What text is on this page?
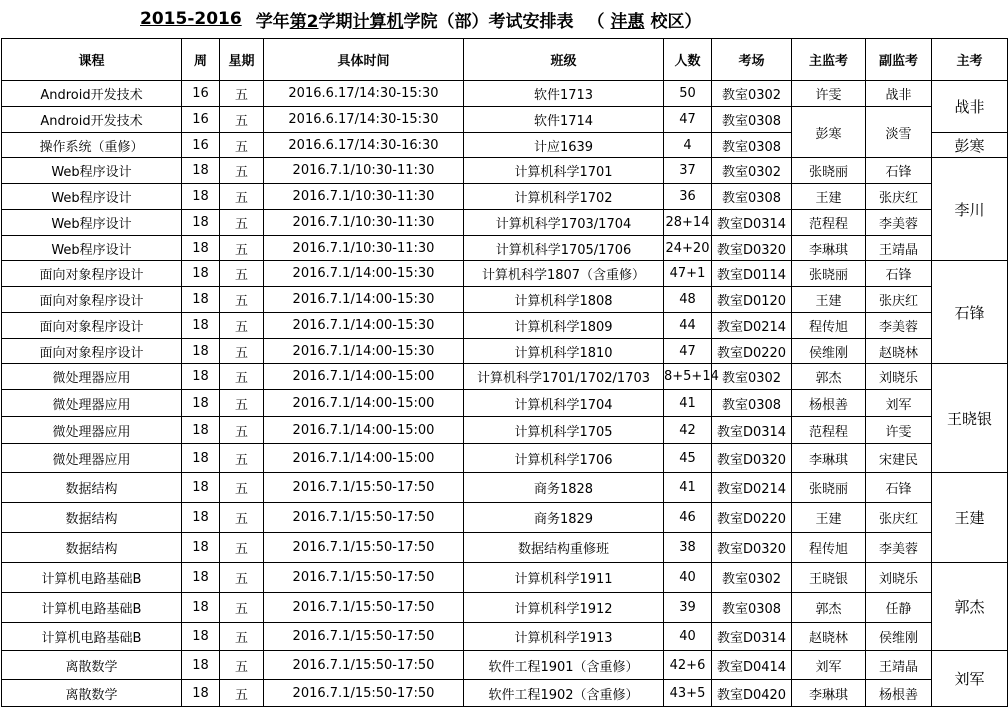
2015-2016 学年 第2 学期 计算机 学院（部）考试安排表 （ 沣惠 校区）
课程	周	星期	具体时间	班级	人数	考场	主监考	副监考	主考
Android开发技术	16	五	2016.6.17/14:30-15:30	软件1713	50	教室0302	许雯	战非	战非
Android开发技术	16	五	2016.6.17/14:30-15:30	软件1714	47	教室0308	彭寒	淡雪	
操作系统（重修）	16	五	2016.6.17/14:30-16:30	计应1639	4	教室0308			彭寒
Web程序设计	18	五	2016.7.1/10:30-11:30	计算机科学1701	37	教室0302	张晓丽	石锋	李川
Web程序设计	18	五	2016.7.1/10:30-11:30	计算机科学1702	36	教室0308	王建	张庆红	
Web程序设计	18	五	2016.7.1/10:30-11:30	计算机科学1703/1704	28+14	教室D0314	范程程	李美蓉	
Web程序设计	18	五	2016.7.1/10:30-11:30	计算机科学1705/1706	24+20	教室D0320	李琳琪	王靖晶	
面向对象程序设计	18	五	2016.7.1/14:00-15:30	计算机科学1807（含重修）	47+1	教室D0114	张晓丽	石锋	石锋
面向对象程序设计	18	五	2016.7.1/14:00-15:30	计算机科学1808	48	教室D0120	王建	张庆红	
面向对象程序设计	18	五	2016.7.1/14:00-15:30	计算机科学1809	44	教室D0214	程传旭	李美蓉	
面向对象程序设计	18	五	2016.7.1/14:00-15:30	计算机科学1810	47	教室D0220	侯维刚	赵晓林	
微处理器应用	18	五	2016.7.1/14:00-15:00	计算机科学1701/1702/1703	8+5+14	教室0302	郭杰	刘晓乐	王晓银
微处理器应用	18	五	2016.7.1/14:00-15:00	计算机科学1704	41	教室0308	杨根善	刘军	
微处理器应用	18	五	2016.7.1/14:00-15:00	计算机科学1705	42	教室D0314	范程程	许雯	
微处理器应用	18	五	2016.7.1/14:00-15:00	计算机科学1706	45	教室D0320	李琳琪	宋建民	
数据结构	18	五	2016.7.1/15:50-17:50	商务1828	41	教室D0214	张晓丽	石锋	王建
数据结构	18	五	2016.7.1/15:50-17:50	商务1829	46	教室D0220	王建	张庆红	
数据结构	18	五	2016.7.1/15:50-17:50	数据结构重修班	38	教室D0320	程传旭	李美蓉	
计算机电路基础B	18	五	2016.7.1/15:50-17:50	计算机科学1911	40	教室0302	王晓银	刘晓乐	郭杰
计算机电路基础B	18	五	2016.7.1/15:50-17:50	计算机科学1912	39	教室0308	郭杰	任静	
计算机电路基础B	18	五	2016.7.1/15:50-17:50	计算机科学1913	40	教室D0314	赵晓林	侯维刚	
离散数学	18	五	2016.7.1/15:50-17:50	软件工程1901（含重修）	42+6	教室D0414	刘军	王靖晶	刘军
离散数学	18	五	2016.7.1/15:50-17:50	软件工程1902（含重修）	43+5	教室D0420	李琳琪	杨根善	
